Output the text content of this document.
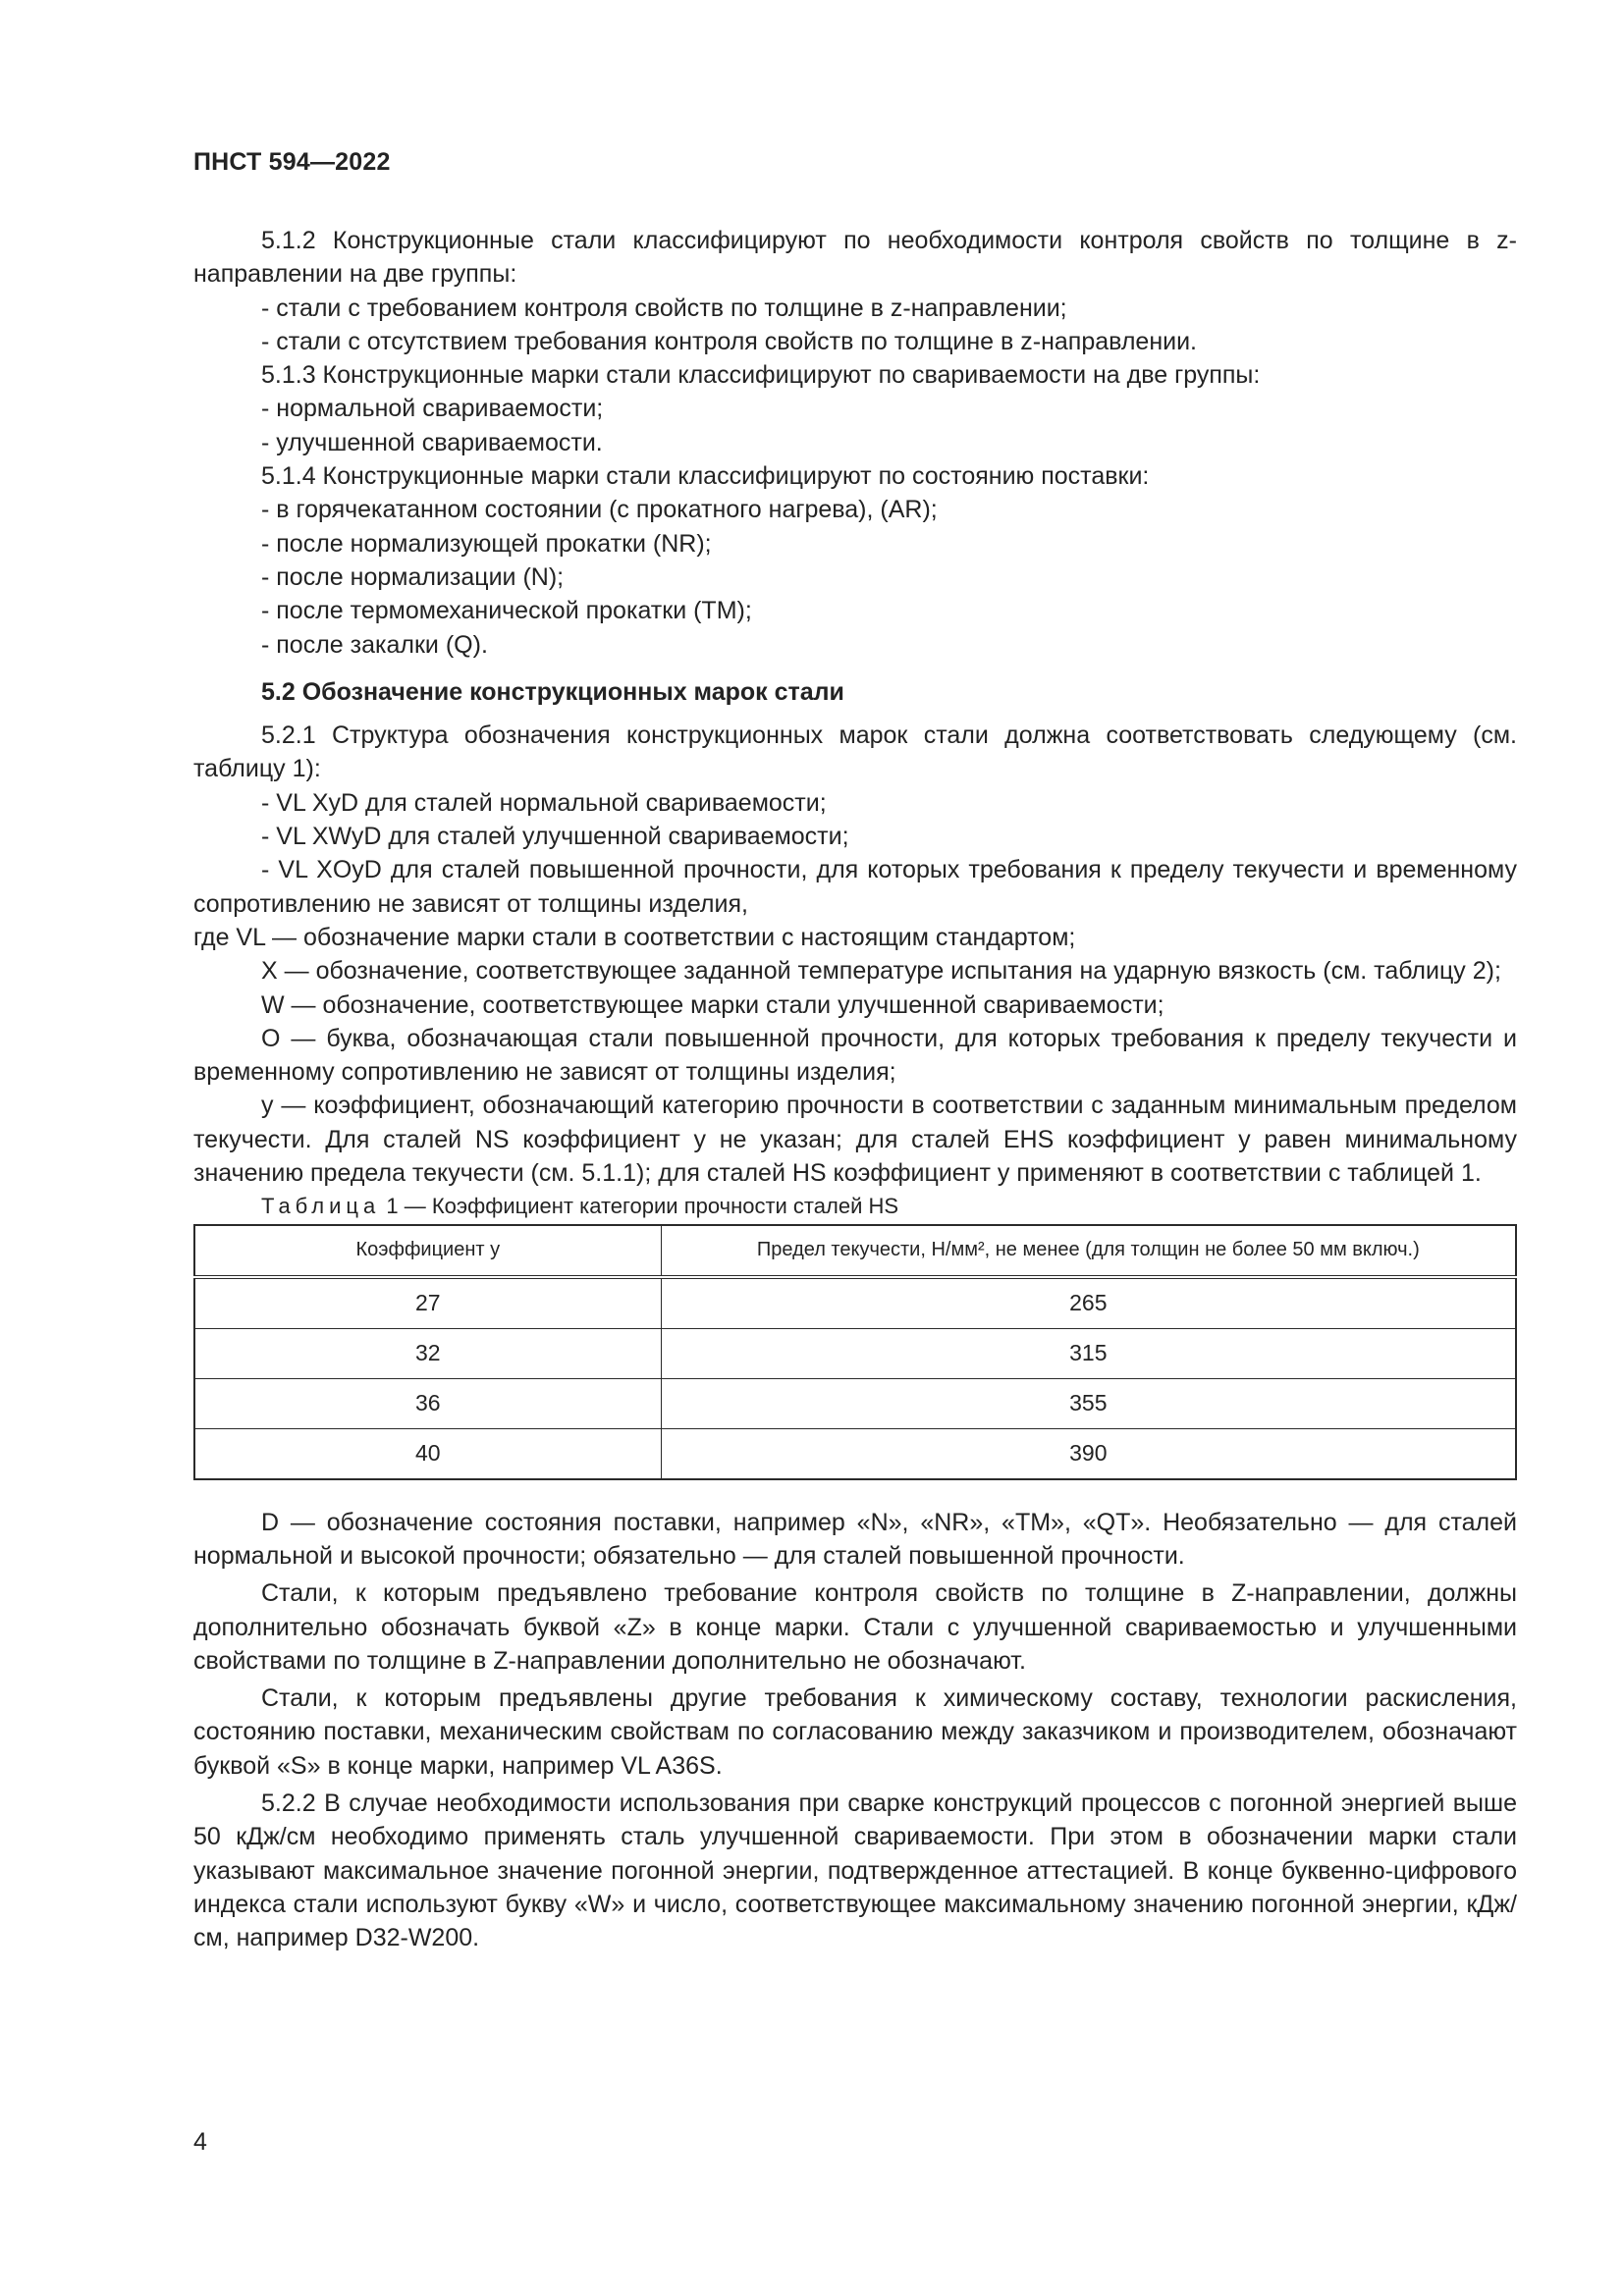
ПНСТ 594—2022

5.1.2 Конструкционные стали классифицируют по необходимости контроля свойств по толщине в z-направлении на две группы:

- стали с требованием контроля свойств по толщине в z-направлении;

- стали с отсутствием требования контроля свойств по толщине в z-направлении.

5.1.3 Конструкционные марки стали классифицируют по свариваемости на две группы:

- нормальной свариваемости;

- улучшенной свариваемости.

5.1.4 Конструкционные марки стали классифицируют по состоянию поставки:

- в горячекатанном состоянии (с прокатного нагрева), (AR);

- после нормализующей прокатки (NR);

- после нормализации (N);

- после термомеханической прокатки (TM);

- после закалки (Q).

5.2 Обозначение конструкционных марок стали

5.2.1 Структура обозначения конструкционных марок стали должна соответствовать следующему (см. таблицу 1):

- VL XyD для сталей нормальной свариваемости;

- VL XWyD для сталей улучшенной свариваемости;

- VL XOyD для сталей повышенной прочности, для которых требования к пределу текучести и временному сопротивлению не зависят от толщины изделия,

где VL — обозначение марки стали в соответствии с настоящим стандартом;

X — обозначение, соответствующее заданной температуре испытания на ударную вязкость (см. таблицу 2);

W — обозначение, соответствующее марки стали улучшенной свариваемости;

O — буква, обозначающая стали повышенной прочности, для которых требования к пределу текучести и временному сопротивлению не зависят от толщины изделия;

y — коэффициент, обозначающий категорию прочности в соответствии с заданным минимальным пределом текучести. Для сталей NS коэффициент y не указан; для сталей EHS коэффициент y равен минимальному значению предела текучести (см. 5.1.1); для сталей HS коэффициент y применяют в соответствии с таблицей 1.

Таблица 1 — Коэффициент категории прочности сталей HS

Коэффициент y	Предел текучести, Н/мм², не менее (для толщин не более 50 мм включ.)
27	265
32	315
36	355
40	390

D — обозначение состояния поставки, например «N», «NR», «TM», «QT». Необязательно — для сталей нормальной и высокой прочности; обязательно — для сталей повышенной прочности.

Стали, к которым предъявлено требование контроля свойств по толщине в Z-направлении, должны дополнительно обозначать буквой «Z» в конце марки. Стали с улучшенной свариваемостью и улучшенными свойствами по толщине в Z-направлении дополнительно не обозначают.

Стали, к которым предъявлены другие требования к химическому составу, технологии раскисления, состоянию поставки, механическим свойствам по согласованию между заказчиком и производителем, обозначают буквой «S» в конце марки, например VL A36S.

5.2.2 В случае необходимости использования при сварке конструкций процессов с погонной энергией выше 50 кДж/см необходимо применять сталь улучшенной свариваемости. При этом в обозначении марки стали указывают максимальное значение погонной энергии, подтвержденное аттестацией. В конце буквенно-цифрового индекса стали используют букву «W» и число, соответствующее максимальному значению погонной энергии, кДж/см, например D32-W200.

4
